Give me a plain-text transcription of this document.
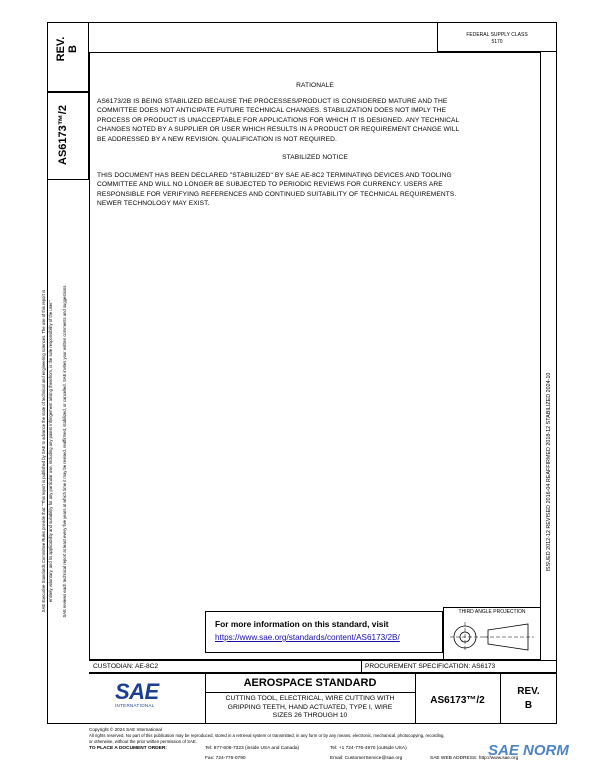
REV. B
AS6173™/2
SAE Executive Standards Committee Rules provide that: "This report is published by SAE to advance the state of technical and engineering sciences. The use of this report is entirely voluntary, and its applicability and suitability for any particular use, including any patent infringement arising therefrom, is the sole responsibility of the user." SAE reviews each technical report at least every five years at which time it may be revised, reaffirmed, stabilized, or cancelled. SAE invites your written comments and suggestions.
FEDERAL SUPPLY CLASS
5170
RATIONALE
AS6173/2B IS BEING STABILIZED BECAUSE THE PROCESSES/PRODUCT IS CONSIDERED MATURE AND THE
COMMITTEE DOES NOT ANTICIPATE FUTURE TECHNICAL CHANGES. STABILIZATION DOES NOT IMPLY THE
PROCESS OR PRODUCT IS UNACCEPTABLE FOR APPLICATIONS FOR WHICH IT IS DESIGNED. ANY TECHNICAL
CHANGES NOTED BY A SUPPLIER OR USER WHICH RESULTS IN A PRODUCT OR REQUIREMENT CHANGE WILL
BE ADDRESSED BY A NEW REVISION. QUALIFICATION IS NOT REQUIRED.
STABILIZED NOTICE
THIS DOCUMENT HAS BEEN DECLARED "STABILIZED" BY SAE AE-8C2 TERMINATING DEVICES AND TOOLING
COMMITTEE AND WILL NO LONGER BE SUBJECTED TO PERIODIC REVIEWS FOR CURRENCY. USERS ARE
RESPONSIBLE FOR VERIFYING REFERENCES AND CONTINUED SUITABILITY OF TECHNICAL REQUIREMENTS.
NEWER TECHNOLOGY MAY EXIST.
ISSUED 2012-12 REVISED 2016-04 REAFFIRMED 2018-12 STABILIZED 2024-10
For more information on this standard, visit
https://www.sae.org/standards/content/AS6173/2B/
THIRD ANGLE PROJECTION
CUSTODIAN: AE-8C2	PROCUREMENT SPECIFICATION: AS6173
SAE
INTERNATIONAL
AEROSPACE STANDARD
CUTTING TOOL, ELECTRICAL, WIRE CUTTING WITH
GRIPPING TEETH, HAND ACTUATED, TYPE I, WIRE
SIZES 26 THROUGH 10
AS6173™/2
REV.
B
Copyright © 2024 SAE International
All rights reserved. No part of this publication may be reproduced, stored in a retrieval system or transmitted, in any form or by any means, electronic, mechanical, photocopying, recording,
or otherwise, without the prior written permission of SAE.
TO PLACE A DOCUMENT ORDER:	Tel: 877-606-7323 (inside USA and Canada)	Tel: +1 724-776-4970 (outside USA)
Fax: 724-776-0790	Email: CustomerService@sae.org	SAE WEB ADDRESS: http://www.sae.org
SAE NORM
